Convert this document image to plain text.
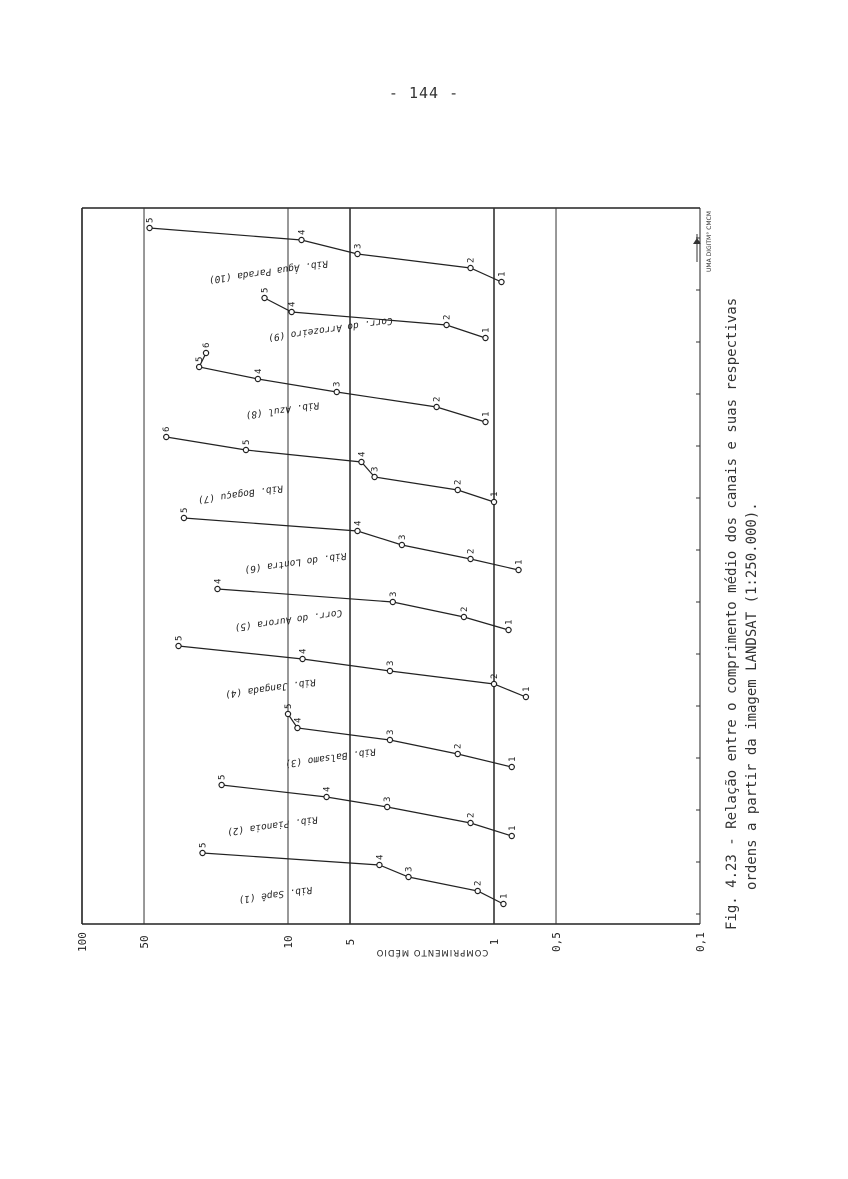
- 144 -
100	50	10	5	1	0,5	0,1
COMPRIMENTO MÉDIO
1
2
3
4
5
Rib. Água Parada (10)
1
2
4
5
Corr. do Arrozeiro (9)
1
2
3
4
5
6
Rib. Azul (8)
1
2
3
4
5
6
Rib. Bogaçu (7)
1
2
3
4
5
Rib. do Lontra (6)
1
2
3
4
Corr. do Aurora (5)
1
2
3
4
5
Rib. Jangada (4)
1
2
3
4
5
Rib. Balsamo (3)
1
2
3
4
5
Rib. Pianoia (2)
1
2
3
4
5
Rib. Sapê (1)
UMA DIGITM° CMCM
Fig. 4.23 - Relação entre o comprimento médio dos canais e suas respectivas ordens a partir da imagem LANDSAT (1:250.000).
